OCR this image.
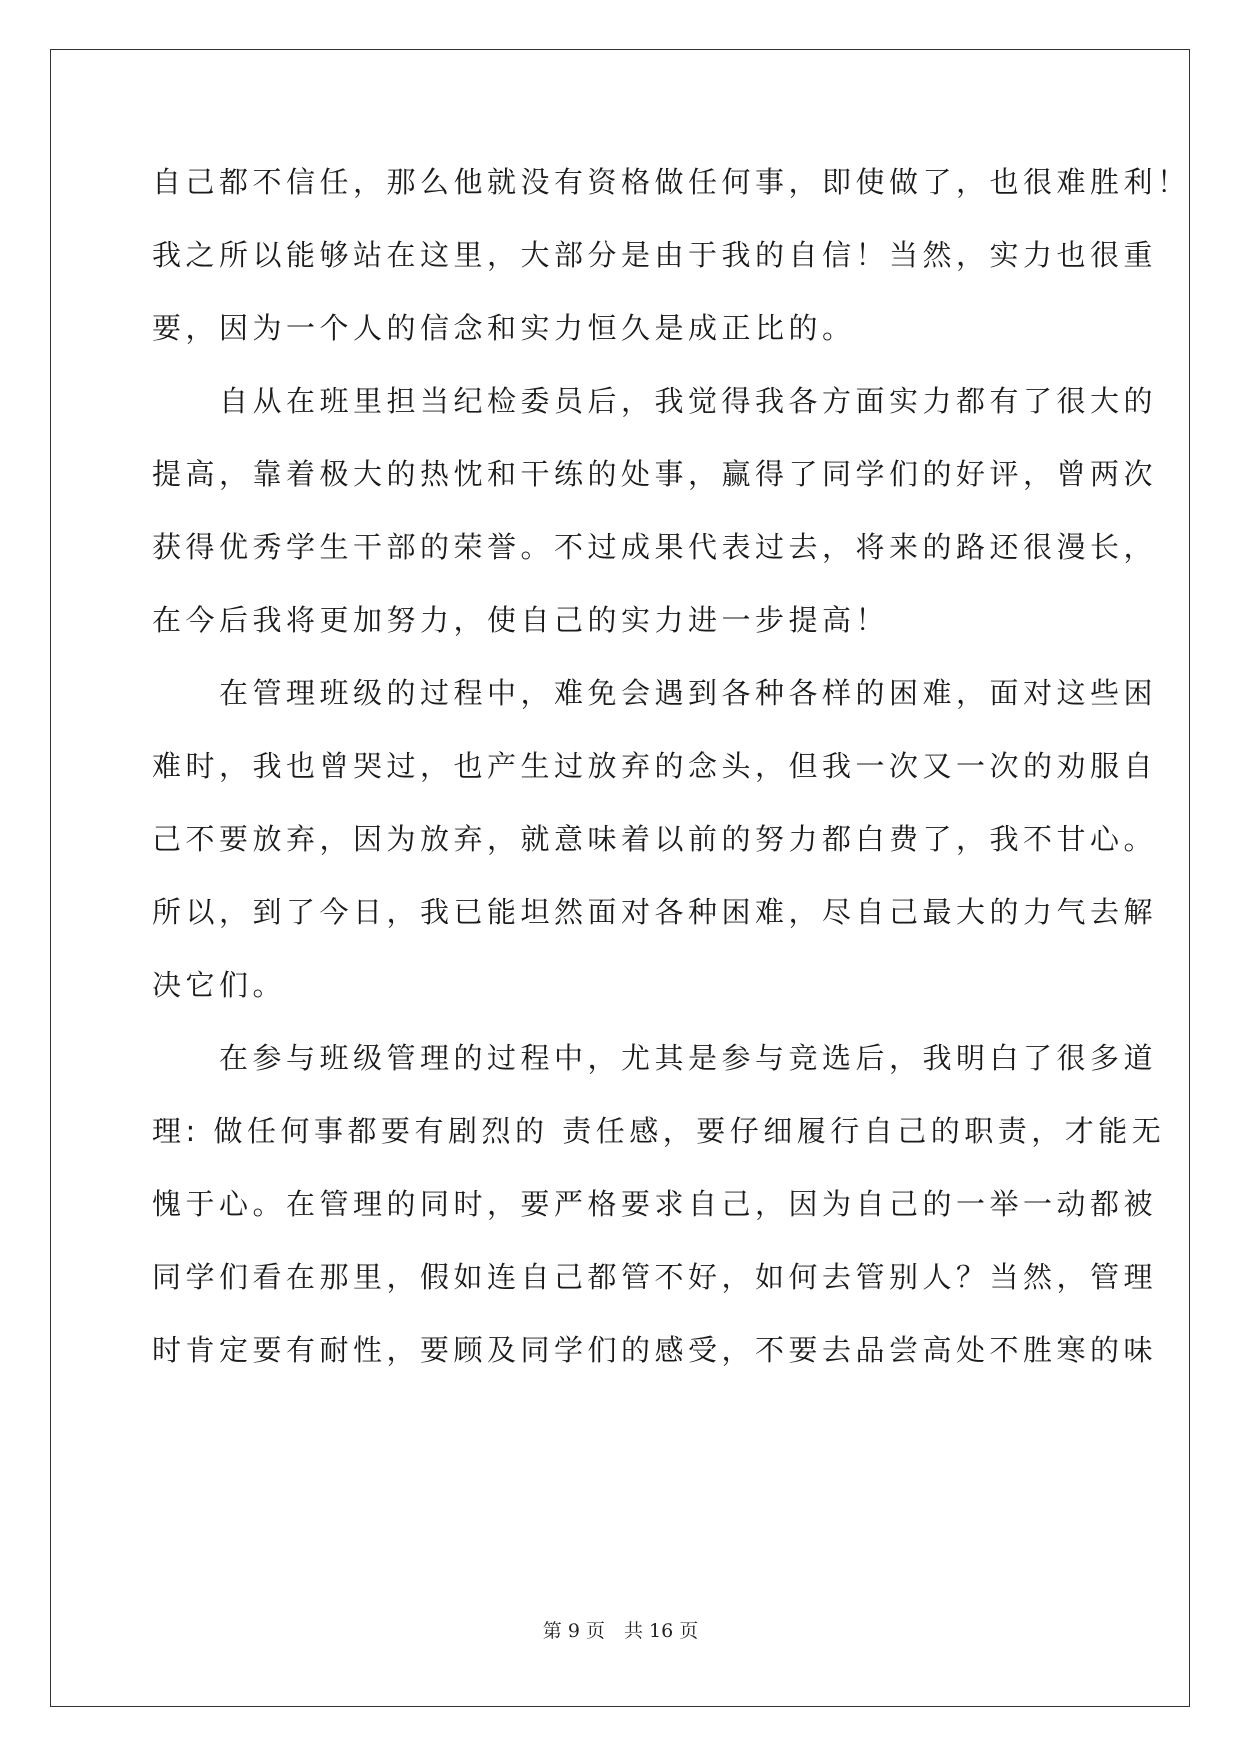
自己都不信任，那么他就没有资格做任何事，即使做了，也很难胜利！
我之所以能够站在这里，大部分是由于我的自信！当然，实力也很重
要，因为一个人的信念和实力恒久是成正比的。
　　自从在班里担当纪检委员后，我觉得我各方面实力都有了很大的
提高，靠着极大的热忱和干练的处事，赢得了同学们的好评，曾两次
获得优秀学生干部的荣誉。不过成果代表过去，将来的路还很漫长，
在今后我将更加努力，使自己的实力进一步提高！
　　在管理班级的过程中，难免会遇到各种各样的困难，面对这些困
难时，我也曾哭过，也产生过放弃的念头，但我一次又一次的劝服自
己不要放弃，因为放弃，就意味着以前的努力都白费了，我不甘心。
所以，到了今日，我已能坦然面对各种困难，尽自己最大的力气去解
决它们。
　　在参与班级管理的过程中，尤其是参与竞选后，我明白了很多道
理: 做任何事都要有剧烈的 责任感，要仔细履行自己的职责，才能无
愧于心。在管理的同时，要严格要求自己，因为自己的一举一动都被
同学们看在那里，假如连自己都管不好，如何去管别人？当然，管理
时肯定要有耐性，要顾及同学们的感受，不要去品尝高处不胜寒的味
第 9 页　共 16 页
